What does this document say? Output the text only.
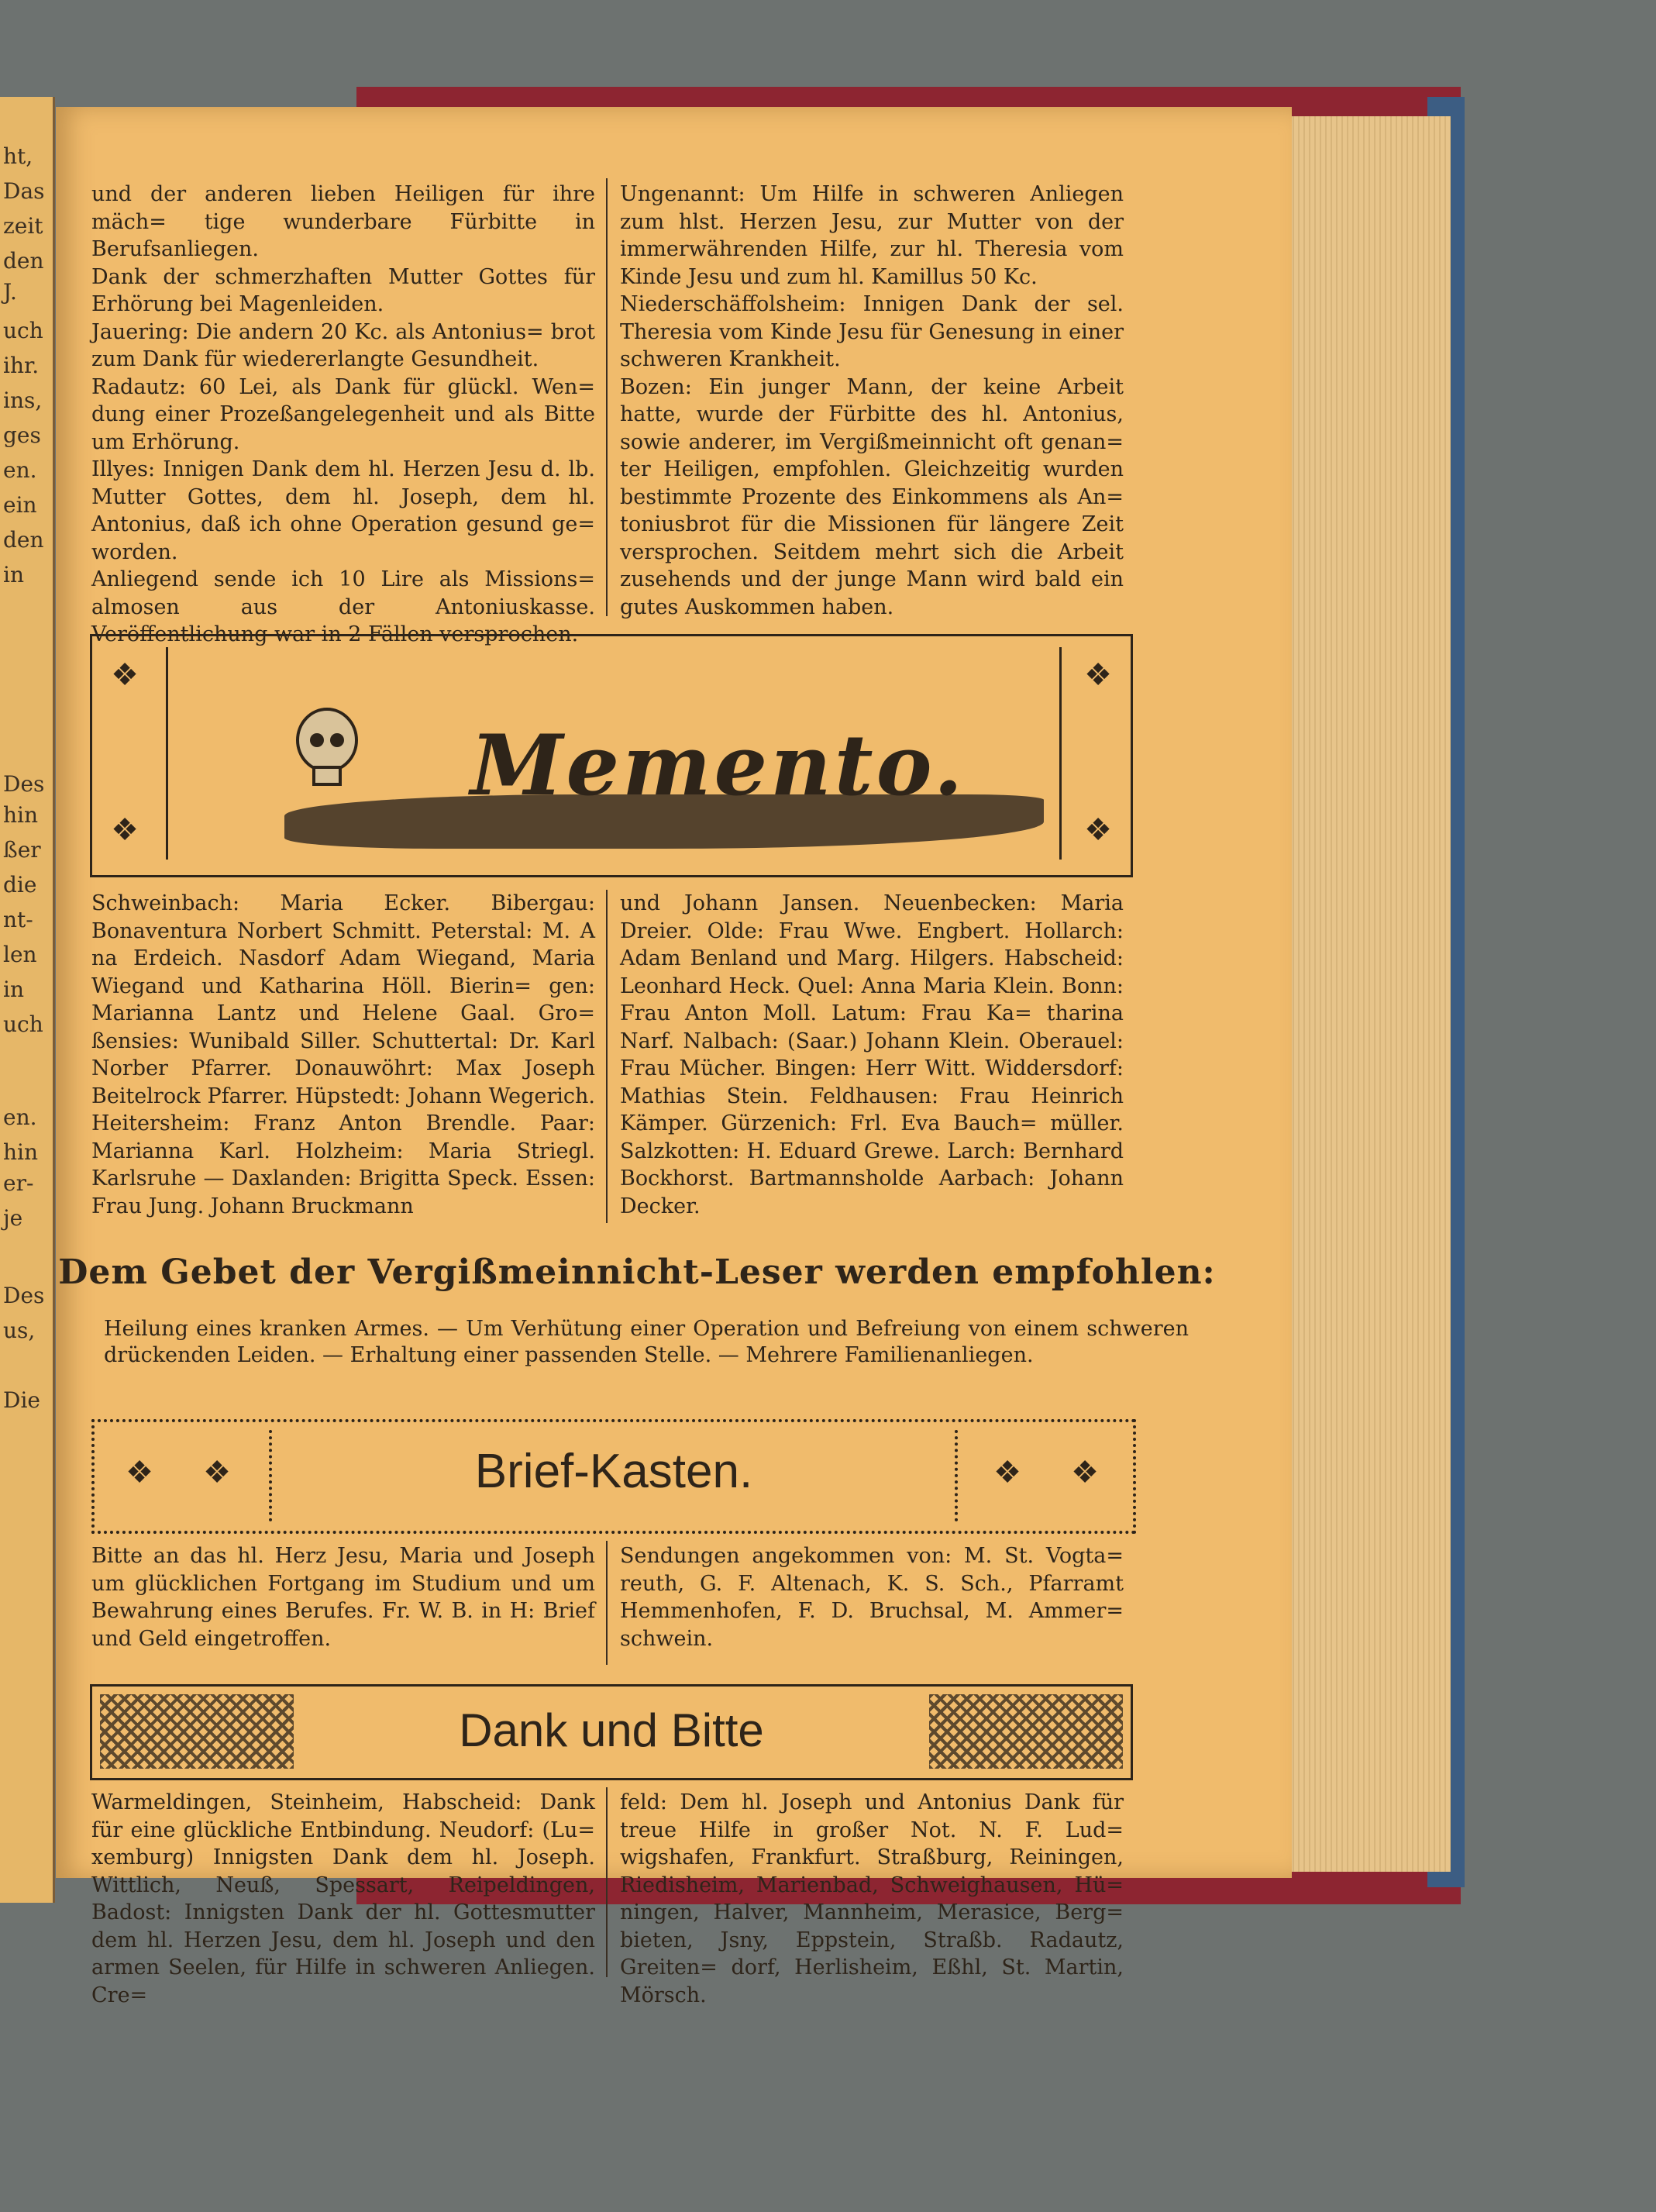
ht,
Das
zeit
den
J.
uch
ihr.
ins,
ges
en.
ein
den
in
Des
hin
ßer
die
nt-
len
in
uch
en.
hin
er-
je
Des
us,
Die

und der anderen lieben Heiligen für ihre mäch= tige wunderbare Fürbitte in Berufsanliegen.

Dank der schmerzhaften Mutter Gottes für Erhörung bei Magenleiden.

Jauering: Die andern 20 Kc. als Antonius= brot zum Dank für wiedererlangte Gesundheit.

Radautz: 60 Lei, als Dank für glückl. Wen= dung einer Prozeßangelegenheit und als Bitte um Erhörung.

Illyes: Innigen Dank dem hl. Herzen Jesu d. lb. Mutter Gottes, dem hl. Joseph, dem hl. Antonius, daß ich ohne Operation gesund ge= worden.

Anliegend sende ich 10 Lire als Missions= almosen aus der Antoniuskasse. Veröffentlichung war in 2 Fällen versprochen.

Ungenannt: Um Hilfe in schweren Anliegen zum hlst. Herzen Jesu, zur Mutter von der immerwährenden Hilfe, zur hl. Theresia vom Kinde Jesu und zum hl. Kamillus 50 Kc.

Niederschäffolsheim: Innigen Dank der sel. Theresia vom Kinde Jesu für Genesung in einer schweren Krankheit.

Bozen: Ein junger Mann, der keine Arbeit hatte, wurde der Fürbitte des hl. Antonius, sowie anderer, im Vergißmeinnicht oft genan= ter Heiligen, empfohlen. Gleichzeitig wurden bestimmte Prozente des Einkommens als An= toniusbrot für die Missionen für längere Zeit versprochen. Seitdem mehrt sich die Arbeit zusehends und der junge Mann wird bald ein gutes Auskommen haben.

❖
❖
❖
❖
Memento.
Schweinbach: Maria Ecker. Bibergau: Bonaventura Norbert Schmitt. Peterstal: M. A na Erdeich. Nasdorf Adam Wiegand, Maria Wiegand und Katharina Höll. Bierin= gen: Marianna Lantz und Helene Gaal. Gro= ßensies: Wunibald Siller. Schuttertal: Dr. Karl Norber Pfarrer. Donauwöhrt: Max Joseph Beitelrock Pfarrer. Hüpstedt: Johann Wegerich. Heitersheim: Franz Anton Brendle. Paar: Marianna Karl. Holzheim: Maria Striegl. Karlsruhe — Daxlanden: Brigitta Speck. Essen: Frau Jung. Johann Bruckmann
und Johann Jansen. Neuenbecken: Maria Dreier. Olde: Frau Wwe. Engbert. Hollarch: Adam Benland und Marg. Hilgers. Habscheid: Leonhard Heck. Quel: Anna Maria Klein. Bonn: Frau Anton Moll. Latum: Frau Ka= tharina Narf. Nalbach: (Saar.) Johann Klein. Oberauel: Frau Mücher. Bingen: Herr Witt. Widdersdorf: Mathias Stein. Feldhausen: Frau Heinrich Kämper. Gürzenich: Frl. Eva Bauch= müller. Salzkotten: H. Eduard Grewe. Larch: Bernhard Bockhorst. Bartmannsholde Aarbach: Johann Decker.
Dem Gebet der Vergißmeinnicht-Leser werden empfohlen:
Heilung eines kranken Armes. — Um Verhütung einer Operation und Befreiung von einem schweren drückenden Leiden. — Erhaltung einer passenden Stelle. — Mehrere Familienanliegen.
❖ ❖	❖ ❖
Brief-Kasten.
Bitte an das hl. Herz Jesu, Maria und Joseph um glücklichen Fortgang im Studium und um Bewahrung eines Berufes. Fr. W. B. in H: Brief und Geld eingetroffen.
Sendungen angekommen von: M. St. Vogta= reuth, G. F. Altenach, K. S. Sch., Pfarramt Hemmenhofen, F. D. Bruchsal, M. Ammer= schwein.
Dank und Bitte
Warmeldingen, Steinheim, Habscheid: Dank für eine glückliche Entbindung. Neudorf: (Lu= xemburg) Innigsten Dank dem hl. Joseph. Wittlich, Neuß, Spessart, Reipeldingen, Badost: Innigsten Dank der hl. Gottesmutter dem hl. Herzen Jesu, dem hl. Joseph und den armen Seelen, für Hilfe in schweren Anliegen. Cre=
feld: Dem hl. Joseph und Antonius Dank für treue Hilfe in großer Not. N. F. Lud= wigshafen, Frankfurt. Straßburg, Reiningen, Riedisheim, Marienbad, Schweighausen, Hü= ningen, Halver, Mannheim, Merasice, Berg= bieten, Jsny, Eppstein, Straßb. Radautz, Greiten= dorf, Herlisheim, Eßhl, St. Martin, Mörsch.
